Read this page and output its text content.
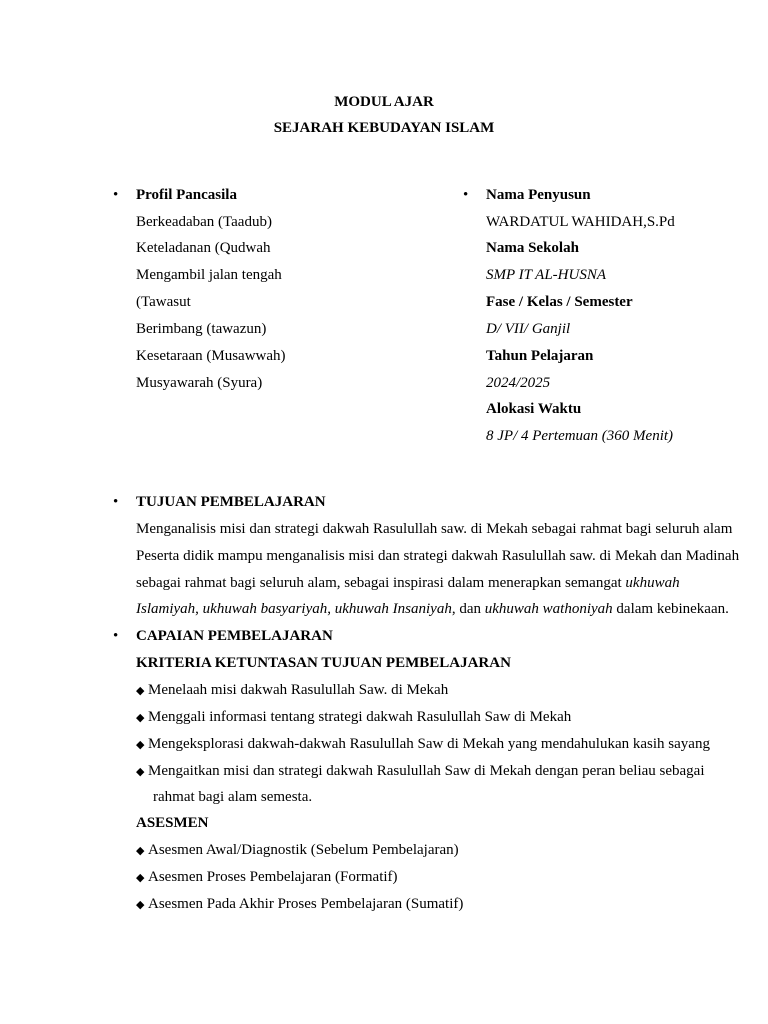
MODUL AJAR
SEJARAH KEBUDAYAN ISLAM
• Profil Pancasila
Berkeadaban (Taadub)
Keteladanan (Qudwah
Mengambil jalan tengah
(Tawasut
Berimbang (tawazun)
Kesetaraan (Musawwah)
Musyawarah (Syura)
• Nama Penyusun
WARDATUL WAHIDAH,S.Pd
Nama Sekolah
SMP IT AL-HUSNA
Fase / Kelas / Semester
D/ VII/ Ganjil
Tahun Pelajaran
2024/2025
Alokasi Waktu
8 JP/ 4 Pertemuan (360 Menit)
• TUJUAN PEMBELAJARAN
Menganalisis misi dan strategi dakwah Rasulullah saw. di Mekah sebagai rahmat bagi seluruh alam
Peserta didik mampu menganalisis misi dan strategi dakwah Rasulullah saw. di Mekah dan Madinah
sebagai rahmat bagi seluruh alam, sebagai inspirasi dalam menerapkan semangat ukhuwah
Islamiyah, ukhuwah basyariyah, ukhuwah Insaniyah, dan ukhuwah wathoniyah dalam kebinekaan.
• CAPAIAN PEMBELAJARAN
KRITERIA KETUNTASAN TUJUAN PEMBELAJARAN
◆ Menelaah misi dakwah Rasulullah Saw. di Mekah
◆ Menggali informasi tentang strategi dakwah Rasulullah Saw di Mekah
◆ Mengeksplorasi dakwah-dakwah Rasulullah Saw di Mekah yang mendahulukan kasih sayang
◆ Mengaitkan misi dan strategi dakwah Rasulullah Saw di Mekah dengan peran beliau sebagai
rahmat bagi alam semesta.
ASESMEN
◆ Asesmen Awal/Diagnostik (Sebelum Pembelajaran)
◆ Asesmen Proses Pembelajaran (Formatif)
◆ Asesmen Pada Akhir Proses Pembelajaran (Sumatif)
